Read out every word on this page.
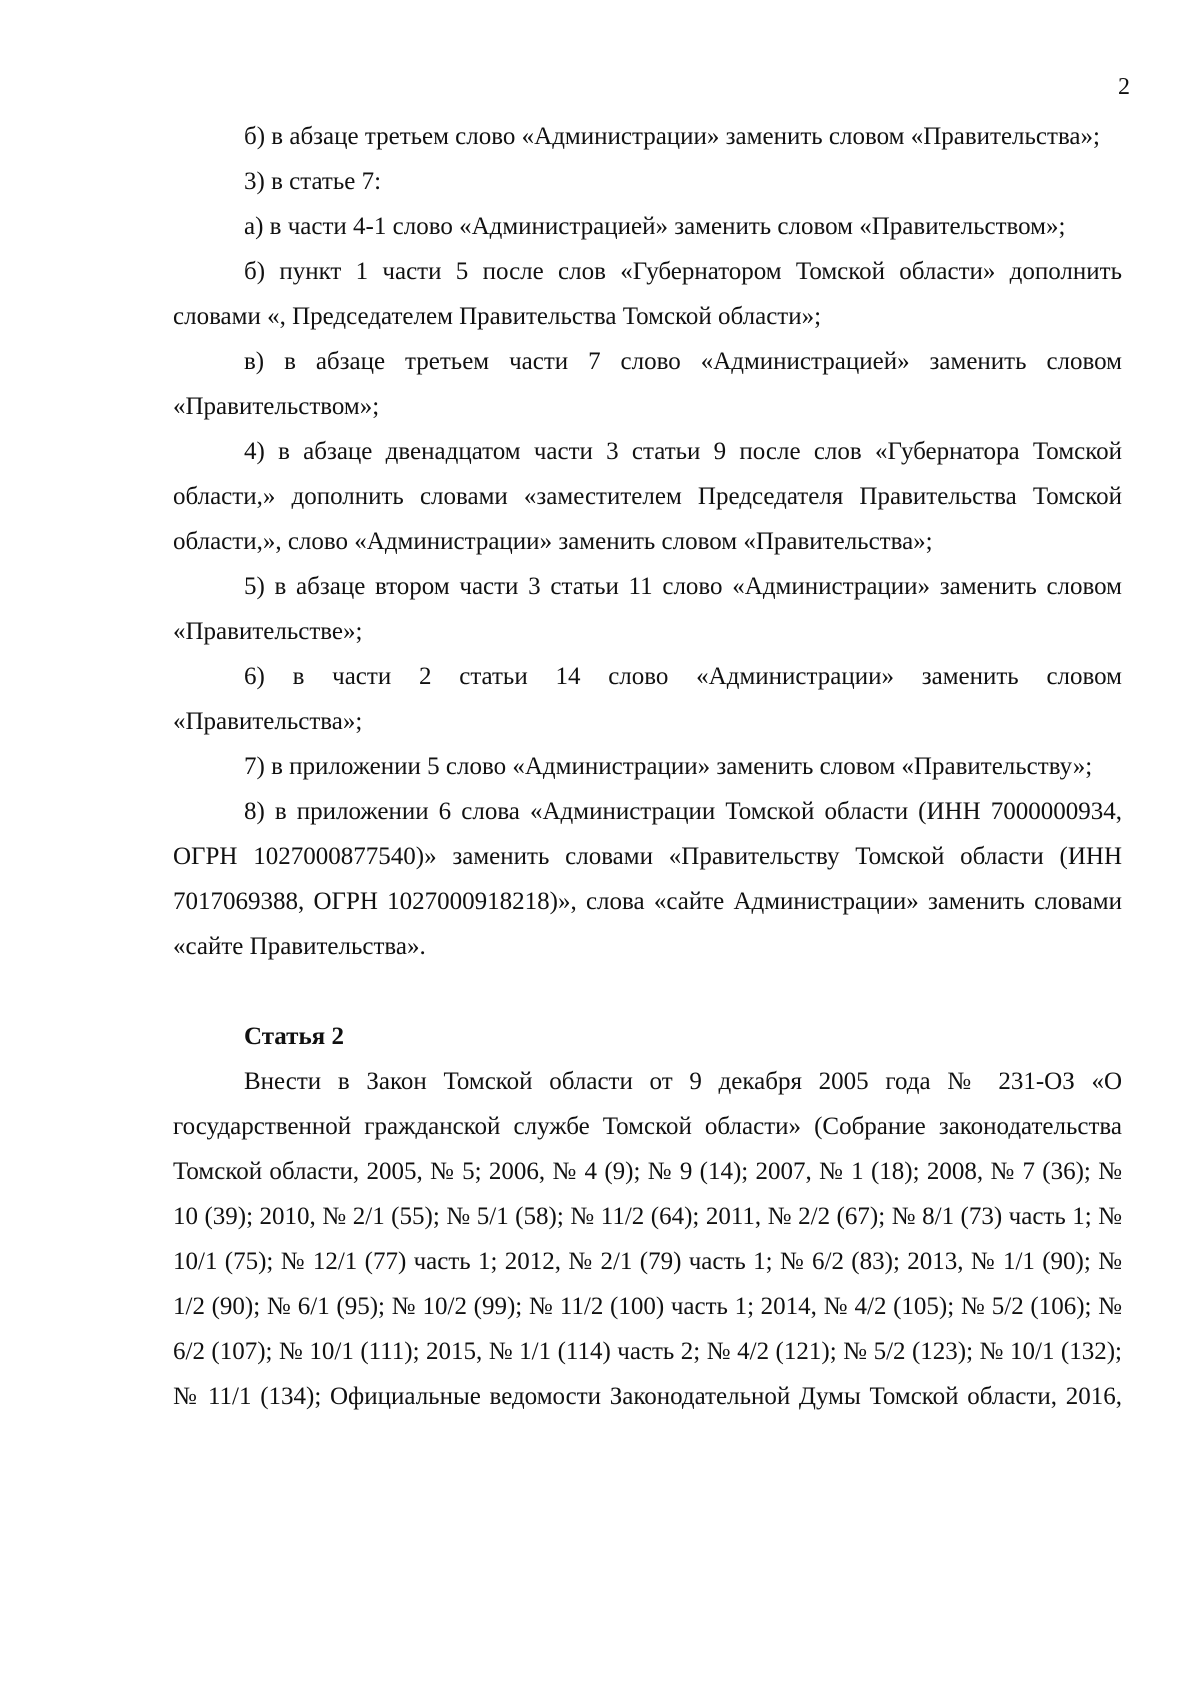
2

б) в абзаце третьем слово «Администрации» заменить словом «Правительства»;

3) в статье 7:

а) в части 4-1 слово «Администрацией» заменить словом «Правительством»;

б) пункт 1 части 5 после слов «Губернатором Томской области» дополнить словами «, Председателем Правительства Томской области»;

в) в абзаце третьем части 7 слово «Администрацией» заменить словом «Правительством»;

4) в абзаце двенадцатом части 3 статьи 9 после слов «Губернатора Томской области,» дополнить словами «заместителем Председателя Правительства Томской области,», слово «Администрации» заменить словом «Правительства»;

5) в абзаце втором части 3 статьи 11 слово «Администрации» заменить словом «Правительстве»;

6) в части 2 статьи 14 слово «Администрации» заменить словом «Правительства»;

7) в приложении 5 слово «Администрации» заменить словом «Правительству»;

8) в приложении 6 слова «Администрации Томской области (ИНН 7000000934, ОГРН 1027000877540)» заменить словами «Правительству Томской области (ИНН 7017069388, ОГРН 1027000918218)», слова «сайте Администрации» заменить словами «сайте Правительства».

Статья 2

Внести в Закон Томской области от 9 декабря 2005 года № 231-ОЗ «О государственной гражданской службе Томской области» (Собрание законодательства Томской области, 2005, № 5; 2006, № 4 (9); № 9 (14); 2007, № 1 (18); 2008, № 7 (36); № 10 (39); 2010, № 2/1 (55); № 5/1 (58); № 11/2 (64); 2011, № 2/2 (67); № 8/1 (73) часть 1; № 10/1 (75); № 12/1 (77) часть 1; 2012, № 2/1 (79) часть 1; № 6/2 (83); 2013, № 1/1 (90); № 1/2 (90); № 6/1 (95); № 10/2 (99); № 11/2 (100) часть 1; 2014, № 4/2 (105); № 5/2 (106); № 6/2 (107); № 10/1 (111); 2015, № 1/1 (114) часть 2; № 4/2 (121); № 5/2 (123); № 10/1 (132); № 11/1 (134); Официальные ведомости Законодательной Думы Томской области, 2016,
